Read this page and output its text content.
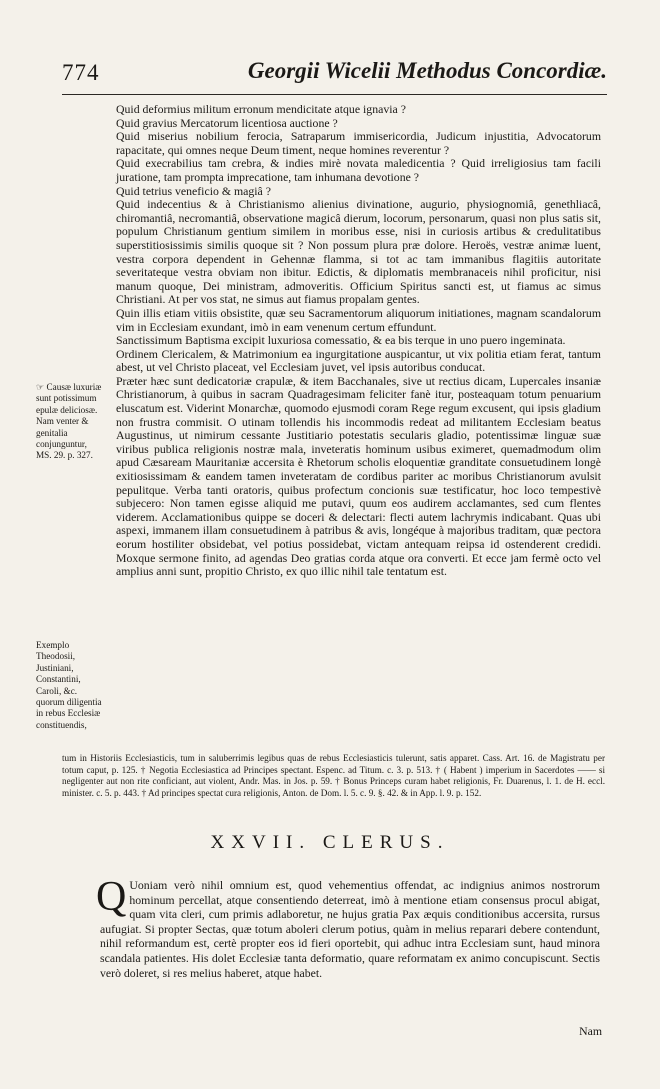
774	Georgii Wicelii Methodus Concordiæ.

Quid deformius militum erronum mendicitate atque ignavia ?

Quid gravius Mercatorum licentiosa auctione ?

Quid miserius nobilium ferocia, Satraparum immisericordia, Judicum injustitia, Advocatorum rapacitate, qui omnes neque Deum timent, neque homines reverentur ?

Quid execrabilius tam crebra, & indies mirè novata maledicentia ? Quid irreligiosius tam facili juratione, tam prompta imprecatione, tam inhumana devotione ?

Quid tetrius veneficio & magiâ ?

Quid indecentius & à Christianismo alienius divinatione, augurio, physiognomiâ, genethliacâ, chiromantiâ, necromantiâ, observatione magicâ dierum, locorum, personarum, quasi non plus satis sit, populum Christianum gentium similem in moribus esse, nisi in curiosis artibus & credulitatibus superstitiosissimis similis quoque sit ? Non possum plura præ dolore. Heroës, vestræ animæ luent, vestra corpora dependent in Gehennæ flamma, si tot ac tam immanibus flagitiis autoritate severitateque vestra obviam non ibitur. Edictis, & diplomatis membranaceis nihil proficitur, nisi manum quoque, Dei ministram, admoveritis. Officium Spiritus sancti est, ut fiamus ac simus Christiani. At per vos stat, ne simus aut fiamus propalam gentes.

Quin illis etiam vitiis obsistite, quæ seu Sacramentorum aliquorum initiationes, magnam scandalorum vim in Ecclesiam exundant, imò in eam venenum certum effundunt.

Sanctissimum Baptisma excipit luxuriosa comessatio, & ea bis terque in uno puero ingeminata.

Ordinem Clericalem, & Matrimonium ea ingurgitatione auspicantur, ut vix politia etiam ferat, tantum abest, ut vel Christo placeat, vel Ecclesiam juvet, vel ipsis autoribus conducat.

Præter hæc sunt dedicatoriæ crapulæ, & item Bacchanales, sive ut rectius dicam, Lupercales insaniæ Christianorum, à quibus in sacram Quadragesimam feliciter fanè itur, posteaquam totum penuarium eluscatum est. Viderint Monarchæ, quomodo ejusmodi coram Rege regum excusent, qui ipsis gladium non frustra commisit. O utinam tollendis his incommodis redeat ad militantem Ecclesiam beatus Augustinus, ut nimirum cessante Justitiario potestatis secularis gladio, potentissimæ linguæ suæ viribus publica religionis nostræ mala, inveteratis hominum usibus eximeret, quemadmodum olim apud Cæsaream Mauritaniæ accersita è Rhetorum scholis eloquentiæ granditate consuetudinem longè exitiosissimam & eandem tamen inveteratam de cordibus pariter ac moribus Christianorum avulsit pepulitque. Verba tanti oratoris, quibus profectum concionis suæ testificatur, hoc loco tempestivè subjecero: Non tamen egisse aliquid me putavi, quum eos audirem acclamantes, sed cum flentes viderem. Acclamationibus quippe se doceri & delectari: flecti autem lachrymis indicabant. Quas ubi aspexi, immanem illam consuetudinem à patribus & avis, longéque à majoribus traditam, quæ pectora eorum hostiliter obsidebat, vel potius possidebat, victam antequam reipsa id ostenderent credidi. Moxque sermone finito, ad agendas Deo gratias corda atque ora converti. Et ecce jam fermè octo vel amplius anni sunt, propitio Christo, ex quo illic nihil tale tentatum est.

☞ Causæ luxuriæ sunt potissimum epulæ deliciosæ. Nam venter & genitalia conjunguntur, MS. 29. p. 327.
Exemplo Theodosii, Justiniani, Constantini, Caroli, &c. quorum diligentia in rebus Ecclesiæ constituendis,

tum in Historiis Ecclesiasticis, tum in saluberrimis legibus quas de rebus Ecclesiasticis tulerunt, satis apparet. Cass. Art. 16. de Magistratu per totum caput, p. 125. † Negotia Ecclesiastica ad Principes spectant. Espenc. ad Titum. c. 3. p. 513. † ( Habent ) imperium in Sacerdotes —— si negligenter aut non rite conficiant, aut violent, Andr. Mas. in Jos. p. 59. † Bonus Princeps curam habet religionis, Fr. Duarenus, l. 1. de H. eccl. minister. c. 5. p. 443. † Ad principes spectat cura religionis, Anton. de Dom. l. 5. c. 9. §. 42. & in App. l. 9. p. 152.

XXVII. CLERUS.
Q Uoniam verò nihil omnium est, quod vehementius offendat, ac indignius animos nostrorum hominum percellat, atque consentiendo deterreat, imò à mentione etiam consensus procul abigat, quam vita cleri, cum primis adlaboretur, ne hujus gratia Pax æquis conditionibus accersita, rursus aufugiat. Si propter Sectas, quæ totum aboleri clerum potius, quàm in melius reparari debere contendunt, nihil reformandum est, certè propter eos id fieri oportebit, qui adhuc intra Ecclesiam sunt, haud minora scandala patientes. His dolet Ecclesiæ tanta deformatio, quare reformatam ex animo concupiscunt. Sectis verò doleret, si res melius haberet, atque habet.

Nam
